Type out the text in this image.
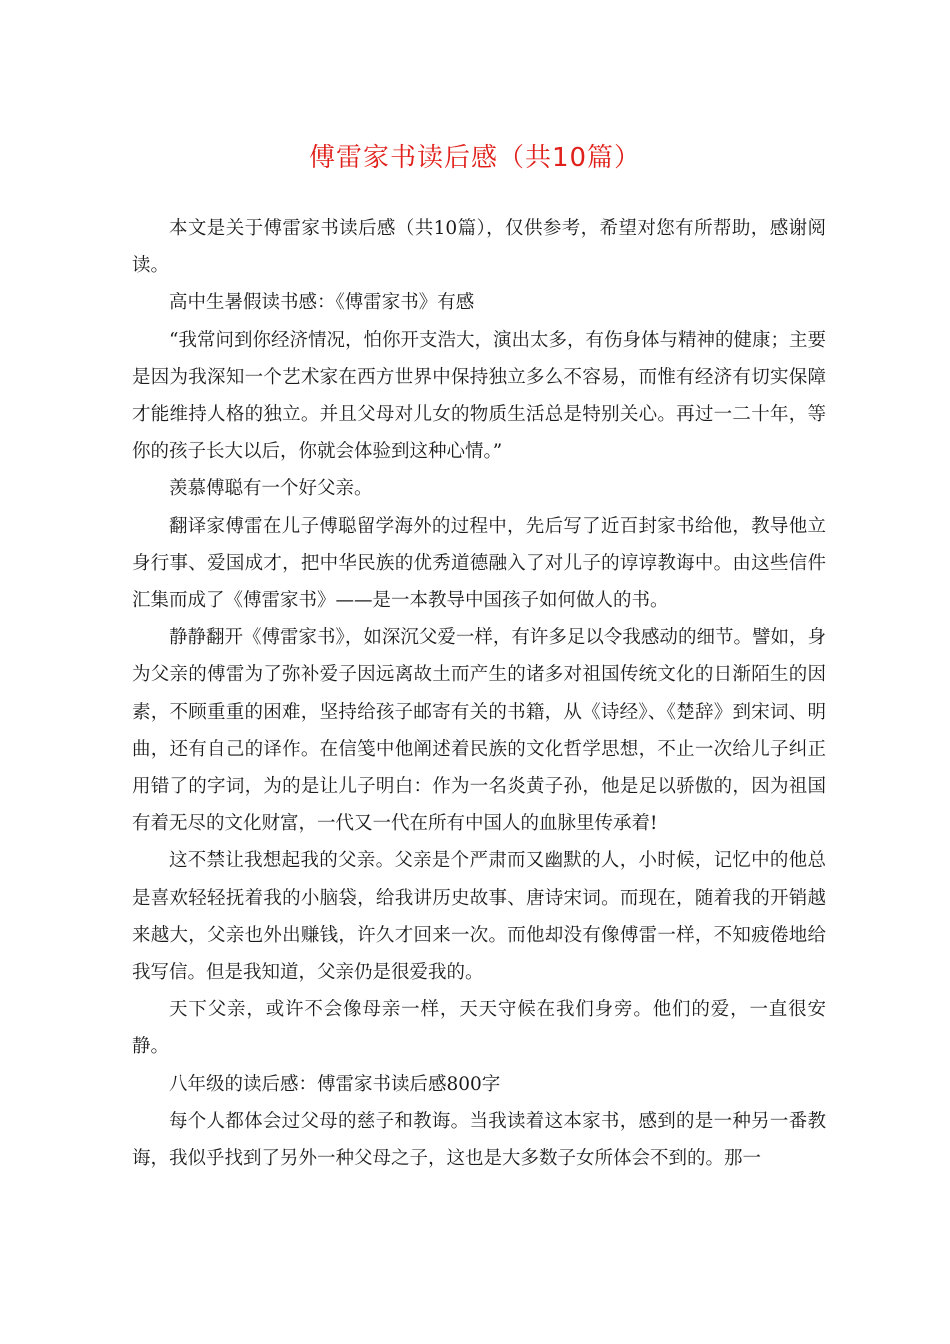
傅雷家书读后感（共10篇）

本文是关于傅雷家书读后感（共10篇），仅供参考，希望对您有所帮助，感谢阅读。

高中生暑假读书感：《傅雷家书》有感

“我常问到你经济情况，怕你开支浩大，演出太多，有伤身体与精神的健康；主要是因为我深知一个艺术家在西方世界中保持独立多么不容易，而惟有经济有切实保障才能维持人格的独立。并且父母对儿女的物质生活总是特别关心。再过一二十年，等你的孩子长大以后，你就会体验到这种心情。”

羡慕傅聪有一个好父亲。

翻译家傅雷在儿子傅聪留学海外的过程中，先后写了近百封家书给他，教导他立身行事、爱国成才，把中华民族的优秀道德融入了对儿子的谆谆教诲中。由这些信件汇集而成了《傅雷家书》——是一本教导中国孩子如何做人的书。

静静翻开《傅雷家书》，如深沉父爱一样，有许多足以令我感动的细节。譬如，身为父亲的傅雷为了弥补爱子因远离故土而产生的诸多对祖国传统文化的日渐陌生的因素，不顾重重的困难，坚持给孩子邮寄有关的书籍，从《诗经》、《楚辞》到宋词、明曲，还有自己的译作。在信笺中他阐述着民族的文化哲学思想，不止一次给儿子纠正用错了的字词，为的是让儿子明白：作为一名炎黄子孙，他是足以骄傲的，因为祖国有着无尽的文化财富，一代又一代在所有中国人的血脉里传承着!

这不禁让我想起我的父亲。父亲是个严肃而又幽默的人，小时候，记忆中的他总是喜欢轻轻抚着我的小脑袋，给我讲历史故事、唐诗宋词。而现在，随着我的开销越来越大，父亲也外出赚钱，许久才回来一次。而他却没有像傅雷一样，不知疲倦地给我写信。但是我知道，父亲仍是很爱我的。

天下父亲，或许不会像母亲一样，天天守候在我们身旁。他们的爱，一直很安静。

八年级的读后感：傅雷家书读后感800字

每个人都体会过父母的慈子和教诲。当我读着这本家书，感到的是一种另一番教诲，我似乎找到了另外一种父母之子，这也是大多数子女所体会不到的。那一
